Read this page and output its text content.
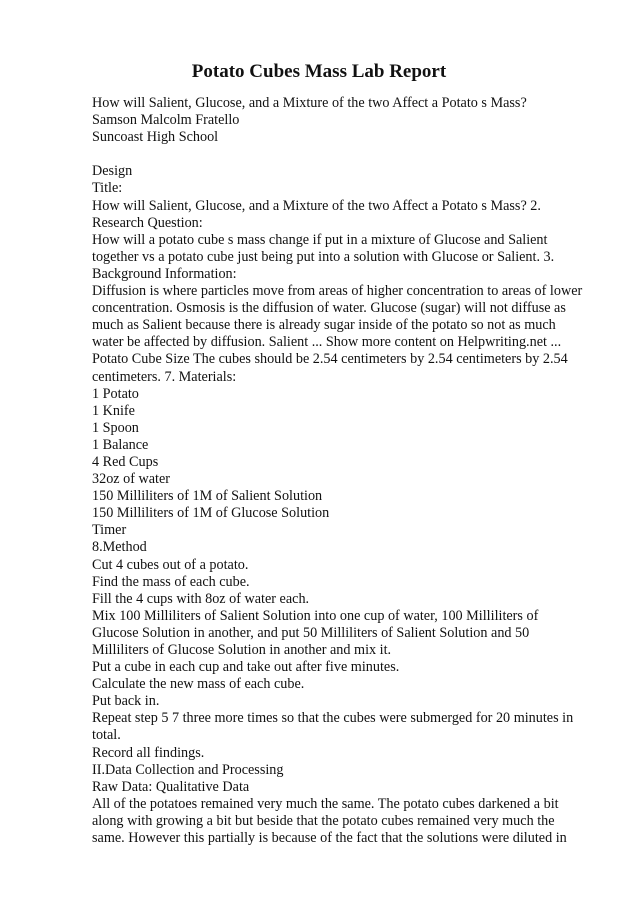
Potato Cubes Mass Lab Report
How will Salient, Glucose, and a Mixture of the two Affect a Potato s Mass?
Samson Malcolm Fratello
Suncoast High School
Design
Title:
How will Salient, Glucose, and a Mixture of the two Affect a Potato s Mass? 2.
Research Question:
How will a potato cube s mass change if put in a mixture of Glucose and Salient
together vs a potato cube just being put into a solution with Glucose or Salient. 3.
Background Information:
Diffusion is where particles move from areas of higher concentration to areas of lower
concentration. Osmosis is the diffusion of water. Glucose (sugar) will not diffuse as
much as Salient because there is already sugar inside of the potato so not as much
water be affected by diffusion. Salient ... Show more content on Helpwriting.net ...
Potato Cube Size The cubes should be 2.54 centimeters by 2.54 centimeters by 2.54
centimeters. 7. Materials:
1 Potato
1 Knife
1 Spoon
1 Balance
4 Red Cups
32oz of water
150 Milliliters of 1M of Salient Solution
150 Milliliters of 1M of Glucose Solution
Timer
8.Method
Cut 4 cubes out of a potato.
Find the mass of each cube.
Fill the 4 cups with 8oz of water each.
Mix 100 Milliliters of Salient Solution into one cup of water, 100 Milliliters of
Glucose Solution in another, and put 50 Milliliters of Salient Solution and 50
Milliliters of Glucose Solution in another and mix it.
Put a cube in each cup and take out after five minutes.
Calculate the new mass of each cube.
Put back in.
Repeat step 5 7 three more times so that the cubes were submerged for 20 minutes in
total.
Record all findings.
II.Data Collection and Processing
Raw Data: Qualitative Data
All of the potatoes remained very much the same. The potato cubes darkened a bit
along with growing a bit but beside that the potato cubes remained very much the
same. However this partially is because of the fact that the solutions were diluted in
